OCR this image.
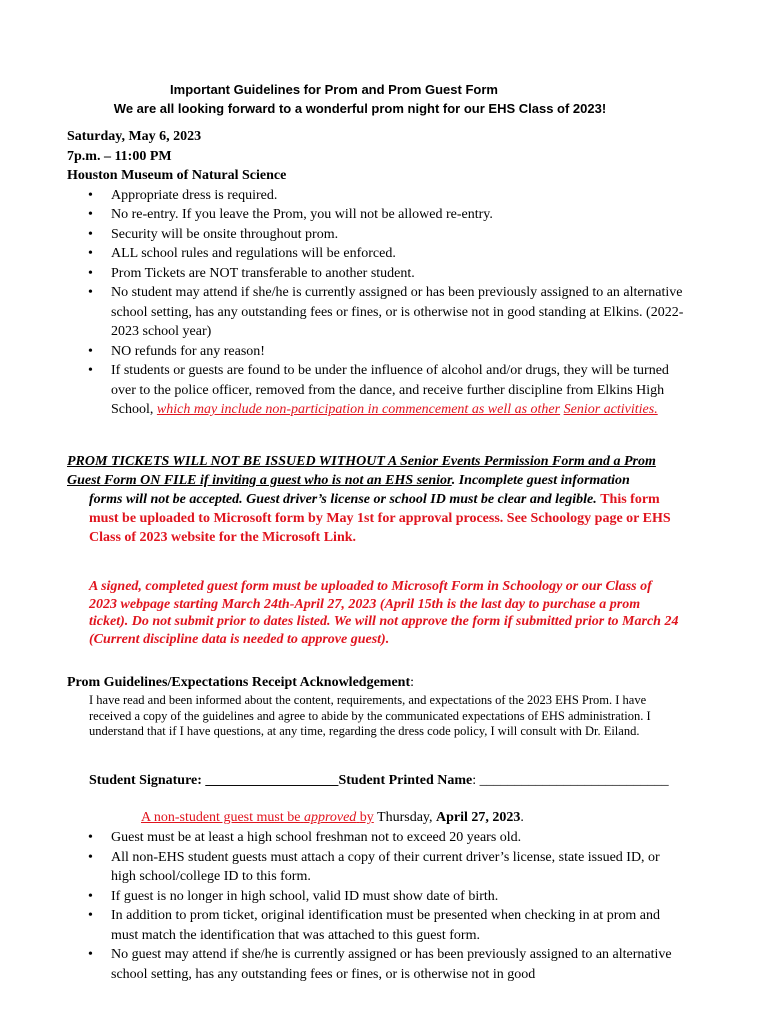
Important Guidelines for Prom and Prom Guest Form
We are all looking forward to a wonderful prom night for our EHS Class of 2023!
Saturday, May 6, 2023
7p.m. – 11:00 PM
Houston Museum of Natural Science
• Appropriate dress is required.
• No re-entry. If you leave the Prom, you will not be allowed re-entry.
• Security will be onsite throughout prom.
• ALL school rules and regulations will be enforced.
• Prom Tickets are NOT transferable to another student.
• No student may attend if she/he is currently assigned or has been previously assigned to an alternative school setting, has any outstanding fees or fines, or is otherwise not in good standing at Elkins. (2022-2023 school year)
• NO refunds for any reason!
• If students or guests are found to be under the influence of alcohol and/or drugs, they will be turned over to the police officer, removed from the dance, and receive further discipline from Elkins High School, which may include non-participation in commencement as well as other Senior activities.
PROM TICKETS WILL NOT BE ISSUED WITHOUT A Senior Events Permission Form and a Prom
Guest Form ON FILE if inviting a guest who is not an EHS senior. Incomplete guest information
forms will not be accepted. Guest driver’s license or school ID must be clear and legible. This form must be uploaded to Microsoft form by May 1st for approval process. See Schoology page or EHS Class of 2023 website for the Microsoft Link.
A signed, completed guest form must be uploaded to Microsoft Form in Schoology or our Class of 2023 webpage starting March 24th-April 27, 2023 (April 15th is the last day to purchase a prom ticket). Do not submit prior to dates listed. We will not approve the form if submitted prior to March 24 (Current discipline data is needed to approve guest).
Prom Guidelines/Expectations Receipt Acknowledgement:
I have read and been informed about the content, requirements, and expectations of the 2023 EHS Prom. I have received a copy of the guidelines and agree to abide by the communicated expectations of EHS administration. I understand that if I have questions, at any time, regarding the dress code policy, I will consult with Dr. Eiland.
Student Signature: ___________________Student Printed Name: ___________________________
A non-student guest must be approved by Thursday, April 27, 2023.
• Guest must be at least a high school freshman not to exceed 20 years old.
• All non-EHS student guests must attach a copy of their current driver’s license, state issued ID, or high school/college ID to this form.
• If guest is no longer in high school, valid ID must show date of birth.
• In addition to prom ticket, original identification must be presented when checking in at prom and must match the identification that was attached to this guest form.
• No guest may attend if she/he is currently assigned or has been previously assigned to an alternative school setting, has any outstanding fees or fines, or is otherwise not in good
